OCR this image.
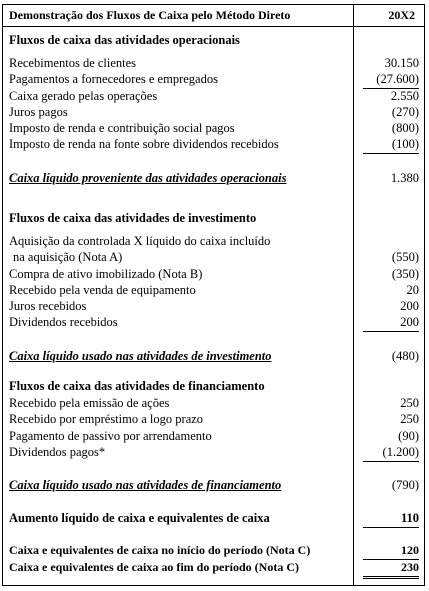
Demonstração dos Fluxos de Caixa pelo Método Direto	20X2
Fluxos de caixa das atividades operacionais
Recebimentos de clientes	30.150
Pagamentos a fornecedores e empregados	(27.600)
Caixa gerado pelas operações	2.550
Juros pagos	(270)
Imposto de renda e contribuição social pagos	(800)
Imposto de renda na fonte sobre dividendos recebidos	(100)
Caixa líquido proveniente das atividades operacionais	1.380
Fluxos de caixa das atividades de investimento
Aquisição da controlada X líquido do caixa incluído
na aquisição (Nota A)	(550)
Compra de ativo imobilizado (Nota B)	(350)
Recebido pela venda de equipamento	20
Juros recebidos	200
Dividendos recebidos	200
Caixa líquido usado nas atividades de investimento	(480)
Fluxos de caixa das atividades de financiamento
Recebido pela emissão de ações	250
Recebido por empréstimo a logo prazo	250
Pagamento de passivo por arrendamento	(90)
Dividendos pagos*	(1.200)
Caixa líquido usado nas atividades de financiamento	(790)
Aumento líquido de caixa e equivalentes de caixa	110
Caixa e equivalentes de caixa no início do período (Nota C)	120
Caixa e equivalentes de caixa ao fim do período (Nota C)	230
